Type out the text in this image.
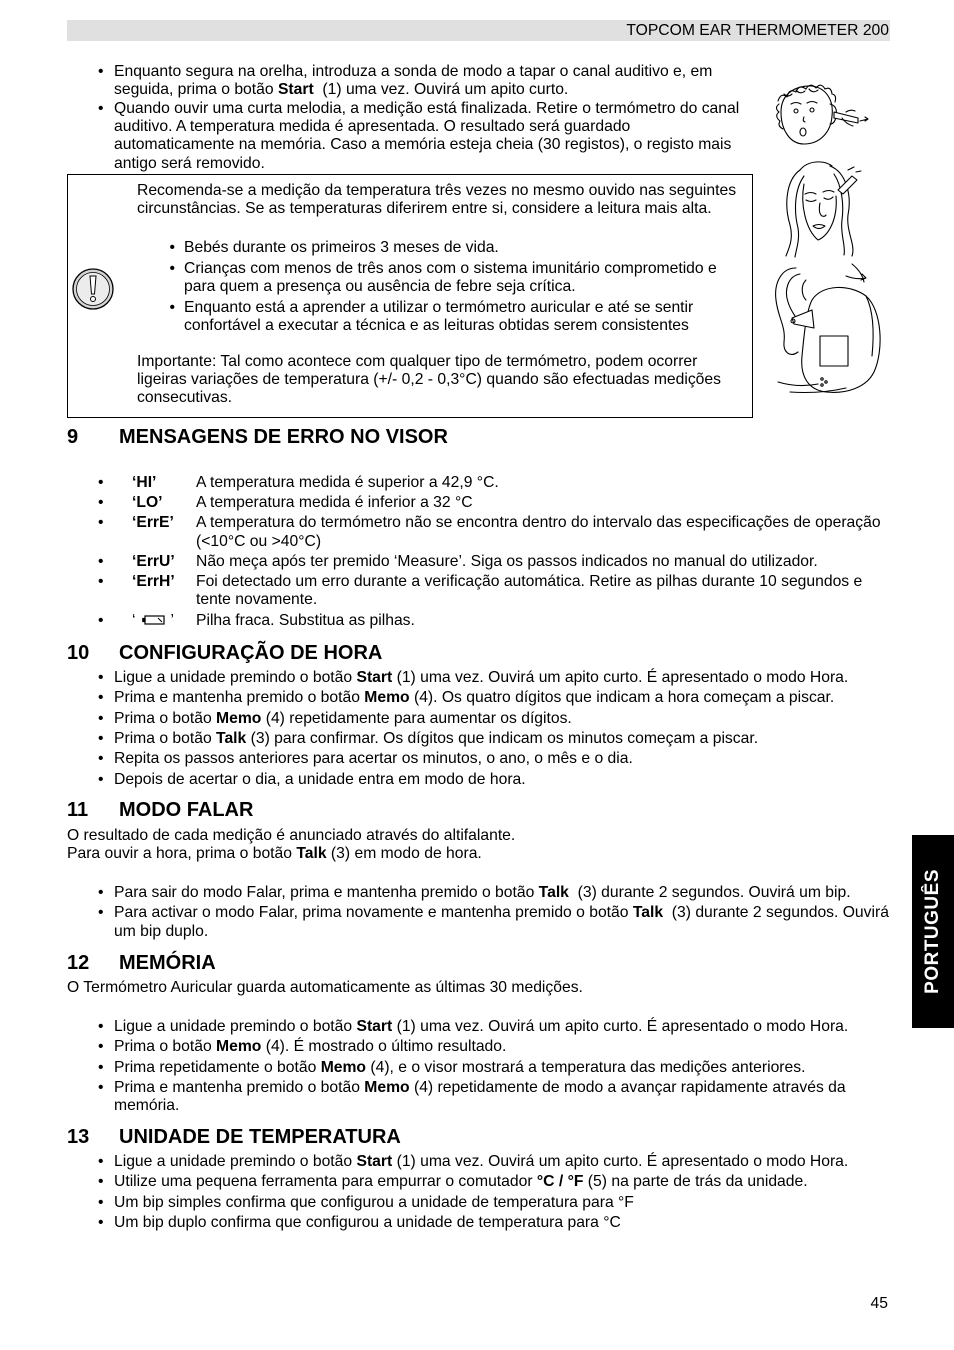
TOPCOM EAR THERMOMETER 200
• Enquanto segura na orelha, introduza a sonda de modo a tapar o canal auditivo e, em
seguida, prima o botão Start  (1) uma vez. Ouvirá um apito curto.
• Quando ouvir uma curta melodia, a medição está finalizada. Retire o termómetro do canal
auditivo. A temperatura medida é apresentada. O resultado será guardado
automaticamente na memória. Caso a memória esteja cheia (30 registos), o registo mais
antigo será removido.
Recomenda-se a medição da temperatura três vezes no mesmo ouvido nas seguintes
circunstâncias. Se as temperaturas diferirem entre si, considere a leitura mais alta.
• Bebés durante os primeiros 3 meses de vida.
• Crianças com menos de três anos com o sistema imunitário comprometido e
para quem a presença ou ausência de febre seja crítica.
• Enquanto está a aprender a utilizar o termómetro auricular e até se sentir
confortável a executar a técnica e as leituras obtidas serem consistentes
Importante: Tal como acontece com qualquer tipo de termómetro, podem ocorrer
ligeiras variações de temperatura (+/- 0,2 - 0,3°C) quando são efectuadas medições
consecutivas.
9 MENSAGENS DE ERRO NO VISOR
• ‘HI’	A temperatura medida é superior a 42,9 °C.
• ‘LO’	A temperatura medida é inferior a 32 °C
• ‘ErrE’	A temperatura do termómetro não se encontra dentro do intervalo das especificações de operação
(<10°C ou >40°C)
• ‘ErrU’	Não meça após ter premido ‘Measure’. Siga os passos indicados no manual do utilizador.
• ‘ErrH’	Foi detectado um erro durante a verificação automática. Retire as pilhas durante 10 segundos e
tente novamente.
• ‘ ’	Pilha fraca. Substitua as pilhas.
10 CONFIGURAÇÃO DE HORA
• Ligue a unidade premindo o botão Start (1) uma vez. Ouvirá um apito curto. É apresentado o modo Hora.
• Prima e mantenha premido o botão Memo (4). Os quatro dígitos que indicam a hora começam a piscar.
• Prima o botão Memo (4) repetidamente para aumentar os dígitos.
• Prima o botão Talk (3) para confirmar. Os dígitos que indicam os minutos começam a piscar.
• Repita os passos anteriores para acertar os minutos, o ano, o mês e o dia.
• Depois de acertar o dia, a unidade entra em modo de hora.
11 MODO FALAR
O resultado de cada medição é anunciado através do altifalante.
Para ouvir a hora, prima o botão Talk (3) em modo de hora.
• Para sair do modo Falar, prima e mantenha premido o botão Talk  (3) durante 2 segundos. Ouvirá um bip.
• Para activar o modo Falar, prima novamente e mantenha premido o botão Talk  (3) durante 2 segundos. Ouvirá
um bip duplo.
12 MEMÓRIA
O Termómetro Auricular guarda automaticamente as últimas 30 medições.
• Ligue a unidade premindo o botão Start (1) uma vez. Ouvirá um apito curto. É apresentado o modo Hora.
• Prima o botão Memo (4). É mostrado o último resultado.
• Prima repetidamente o botão Memo (4), e o visor mostrará a temperatura das medições anteriores.
• Prima e mantenha premido o botão Memo (4) repetidamente de modo a avançar rapidamente através da
memória.
13 UNIDADE DE TEMPERATURA
• Ligue a unidade premindo o botão Start (1) uma vez. Ouvirá um apito curto. É apresentado o modo Hora.
• Utilize uma pequena ferramenta para empurrar o comutador °C / °F (5) na parte de trás da unidade.
• Um bip simples confirma que configurou a unidade de temperatura para °F
• Um bip duplo confirma que configurou a unidade de temperatura para °C
PORTUGUÊS
45
